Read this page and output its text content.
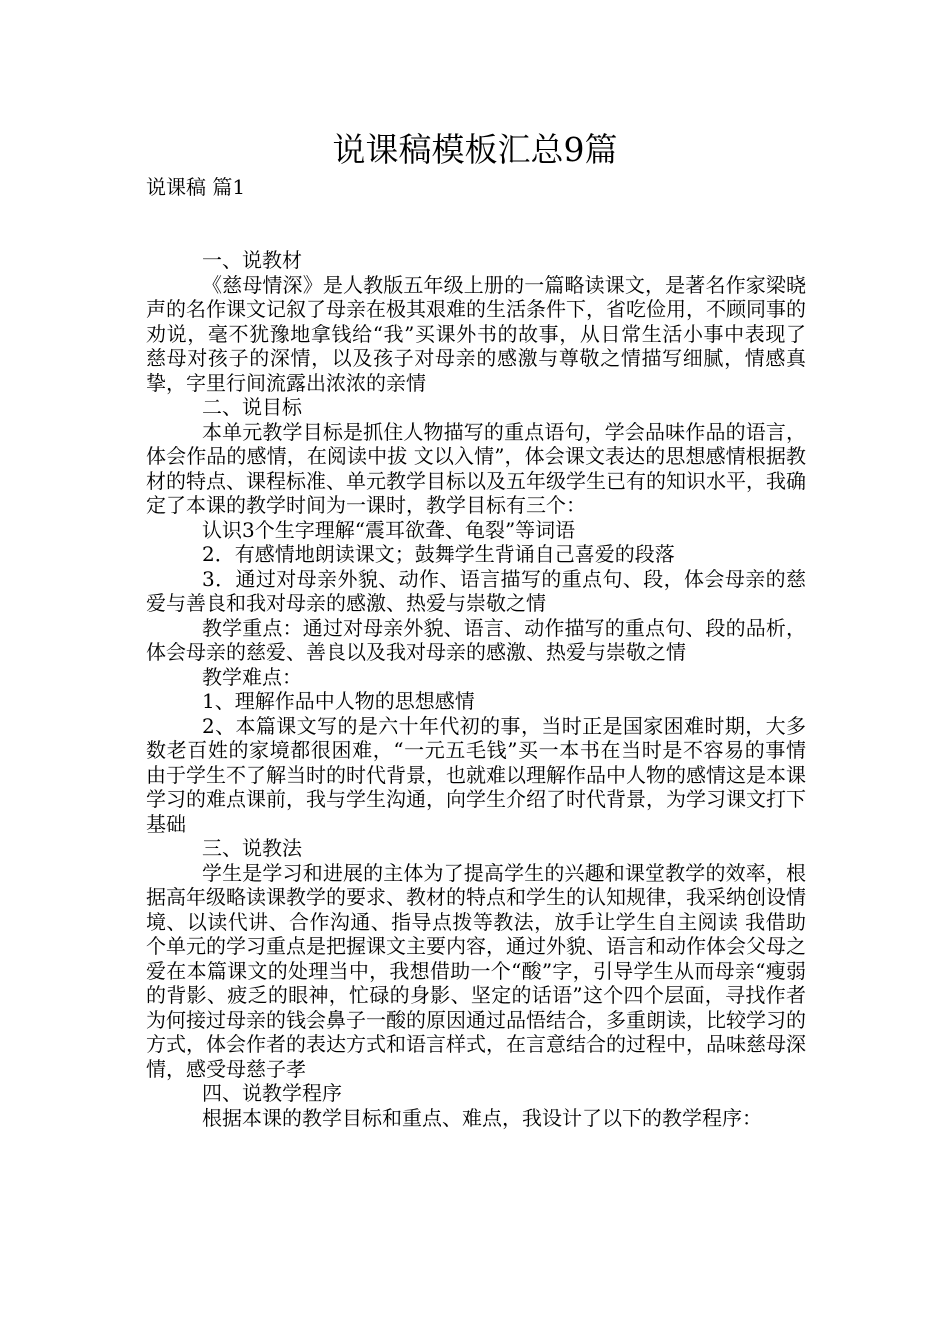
说课稿模板汇总9篇
说课稿 篇1

一、说教材

《慈母情深》是人教版五年级上册的一篇略读课文，是著名作家梁晓声的名作课文记叙了母亲在极其艰难的生活条件下，省吃俭用，不顾同事的劝说，毫不犹豫地拿钱给“我”买课外书的故事，从日常生活小事中表现了慈母对孩子的深情，以及孩子对母亲的感激与尊敬之情描写细腻，情感真挚，字里行间流露出浓浓的亲情

二、说目标

本单元教学目标是抓住人物描写的重点语句，学会品味作品的语言，体会作品的感情，在阅读中拔 文以入情”，体会课文表达的思想感情根据教材的特点、课程标准、单元教学目标以及五年级学生已有的知识水平，我确定了本课的教学时间为一课时，教学目标有三个：

认识3个生字理解“震耳欲聋、龟裂”等词语

2．有感情地朗读课文；鼓舞学生背诵自己喜爱的段落

3．通过对母亲外貌、动作、语言描写的重点句、段，体会母亲的慈爱与善良和我对母亲的感激、热爱与崇敬之情

教学重点：通过对母亲外貌、语言、动作描写的重点句、段的品析，体会母亲的慈爱、善良以及我对母亲的感激、热爱与崇敬之情

教学难点：

1、理解作品中人物的思想感情

2、本篇课文写的是六十年代初的事，当时正是国家困难时期，大多数老百姓的家境都很困难，“一元五毛钱”买一本书在当时是不容易的事情由于学生不了解当时的时代背景，也就难以理解作品中人物的感情这是本课学习的难点课前，我与学生沟通，向学生介绍了时代背景，为学习课文打下基础

三、说教法

学生是学习和进展的主体为了提高学生的兴趣和课堂教学的效率，根据高年级略读课教学的要求、教材的特点和学生的认知规律，我采纳创设情境、以读代讲、合作沟通、指导点拨等教法，放手让学生自主阅读 我借助个单元的学习重点是把握课文主要内容，通过外貌、语言和动作体会父母之爱在本篇课文的处理当中，我想借助一个“酸”字，引导学生从而母亲“瘦弱的背影、疲乏的眼神，忙碌的身影、坚定的话语”这个四个层面，寻找作者为何接过母亲的钱会鼻子一酸的原因通过品悟结合，多重朗读，比较学习的方式，体会作者的表达方式和语言样式，在言意结合的过程中，品味慈母深情，感受母慈子孝

四、说教学程序

根据本课的教学目标和重点、难点，我设计了以下的教学程序：
